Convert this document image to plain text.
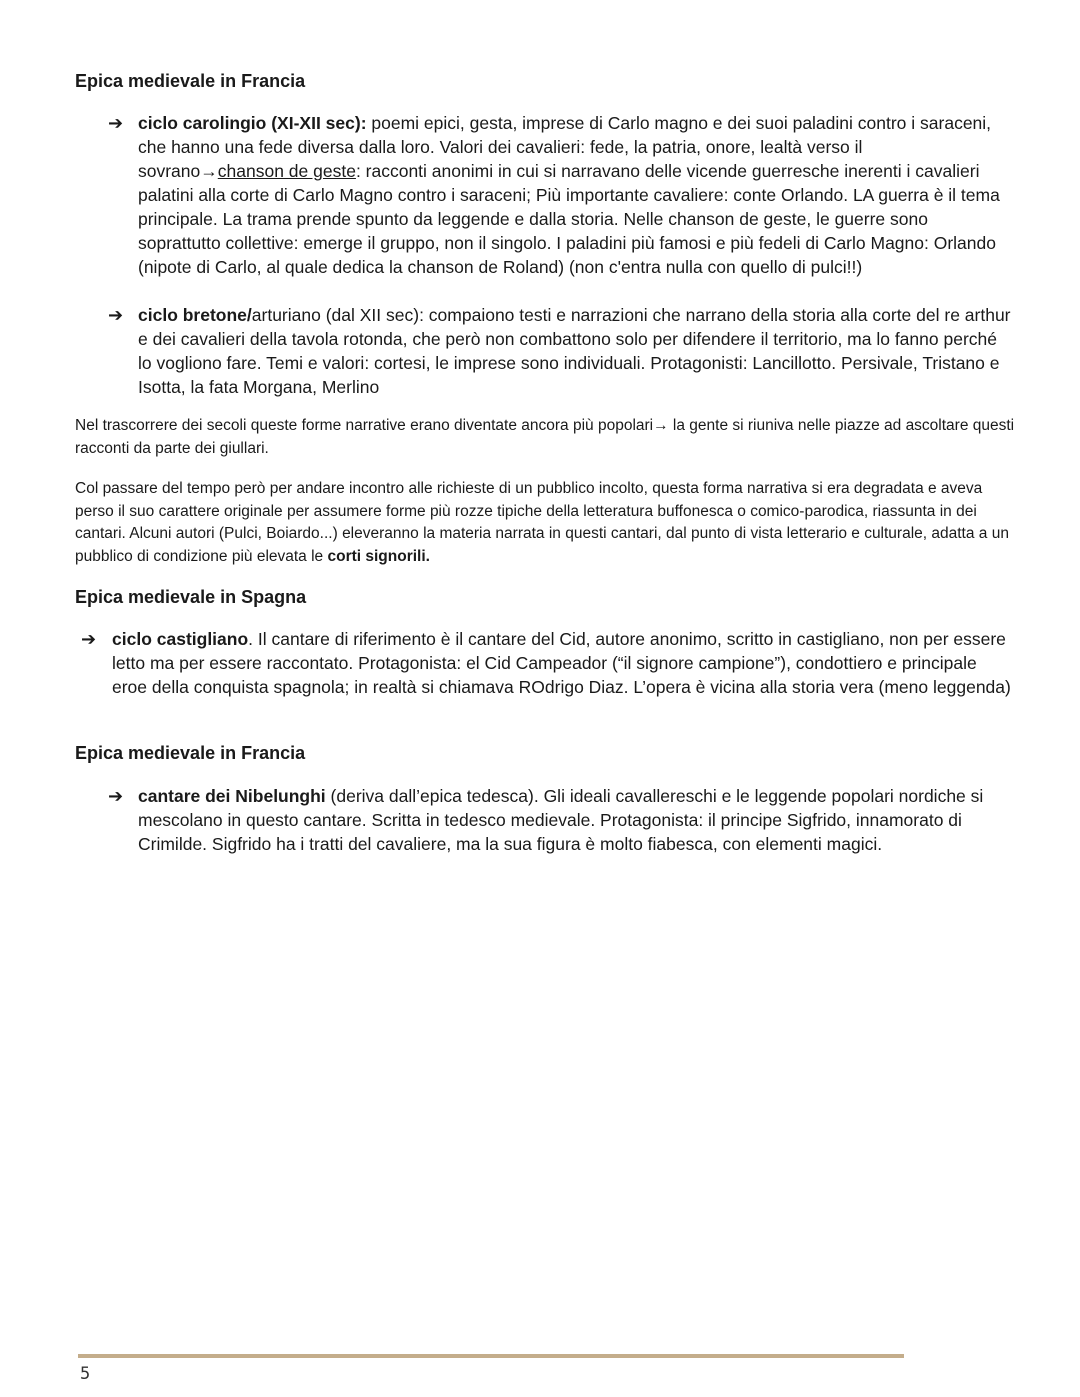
Epica medievale in Francia
➔ ciclo carolingio (XI-XII sec): poemi epici, gesta, imprese di Carlo magno e dei suoi paladini contro i saraceni, che hanno una fede diversa dalla loro. Valori dei cavalieri: fede, la patria, onore, lealtà verso il sovrano→chanson de geste: racconti anonimi in cui si narravano delle vicende guerresche inerenti i cavalieri palatini alla corte di Carlo Magno contro i saraceni; Più importante cavaliere: conte Orlando. LA guerra è il tema principale. La trama prende spunto da leggende e dalla storia. Nelle chanson de geste, le guerre sono soprattutto collettive: emerge il gruppo, non il singolo. I paladini più famosi e più fedeli di Carlo Magno: Orlando (nipote di Carlo, al quale dedica la chanson de Roland) (non c'entra nulla con quello di pulci!!)
➔ ciclo bretone/arturiano (dal XII sec): compaiono testi e narrazioni che narrano della storia alla corte del re arthur e dei cavalieri della tavola rotonda, che però non combattono solo per difendere il territorio, ma lo fanno perché lo vogliono fare. Temi e valori: cortesi, le imprese sono individuali. Protagonisti: Lancillotto. Persivale, Tristano e Isotta, la fata Morgana, Merlino

Nel trascorrere dei secoli queste forme narrative erano diventate ancora più popolari→ la gente si riuniva nelle piazze ad ascoltare questi racconti da parte dei giullari.

Col passare del tempo però per andare incontro alle richieste di un pubblico incolto, questa forma narrativa si era degradata e aveva perso il suo carattere originale per assumere forme più rozze tipiche della letteratura buffonesca o comico-parodica, riassunta in dei cantari. Alcuni autori (Pulci, Boiardo...) eleveranno la materia narrata in questi cantari, dal punto di vista letterario e culturale, adatta a un pubblico di condizione più elevata le corti signorili.

Epica medievale in Spagna
➔ ciclo castigliano. Il cantare di riferimento è il cantare del Cid, autore anonimo, scritto in castigliano, non per essere letto ma per essere raccontato. Protagonista: el Cid Campeador (“il signore campione”), condottiero e principale eroe della conquista spagnola; in realtà si chiamava ROdrigo Diaz. L’opera è vicina alla storia vera (meno leggenda)
Epica medievale in Francia
➔ cantare dei Nibelunghi (deriva dall’epica tedesca). Gli ideali cavallereschi e le leggende popolari nordiche si mescolano in questo cantare. Scritta in tedesco medievale. Protagonista: il principe Sigfrido, innamorato di Crimilde. Sigfrido ha i tratti del cavaliere, ma la sua figura è molto fiabesca, con elementi magici.
5
